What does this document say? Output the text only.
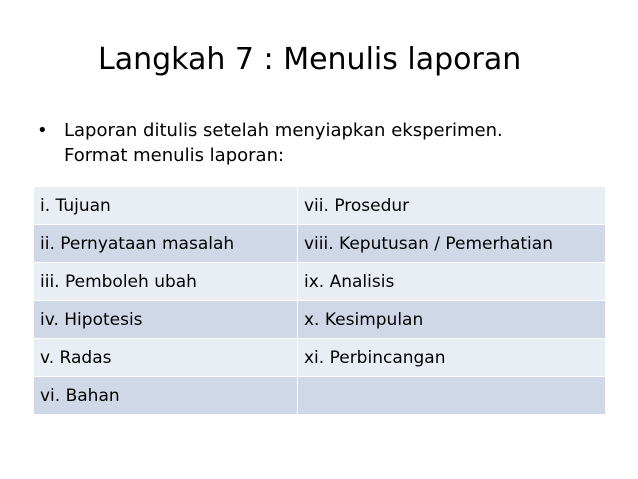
Langkah 7 : Menulis laporan
• Laporan ditulis setelah menyiapkan eksperimen.
Format menulis laporan:
i. Tujuan	vii. Prosedur
ii. Pernyataan masalah	viii. Keputusan / Pemerhatian
iii. Pemboleh ubah	ix. Analisis
iv. Hipotesis	x. Kesimpulan
v. Radas	xi. Perbincangan
vi. Bahan	
